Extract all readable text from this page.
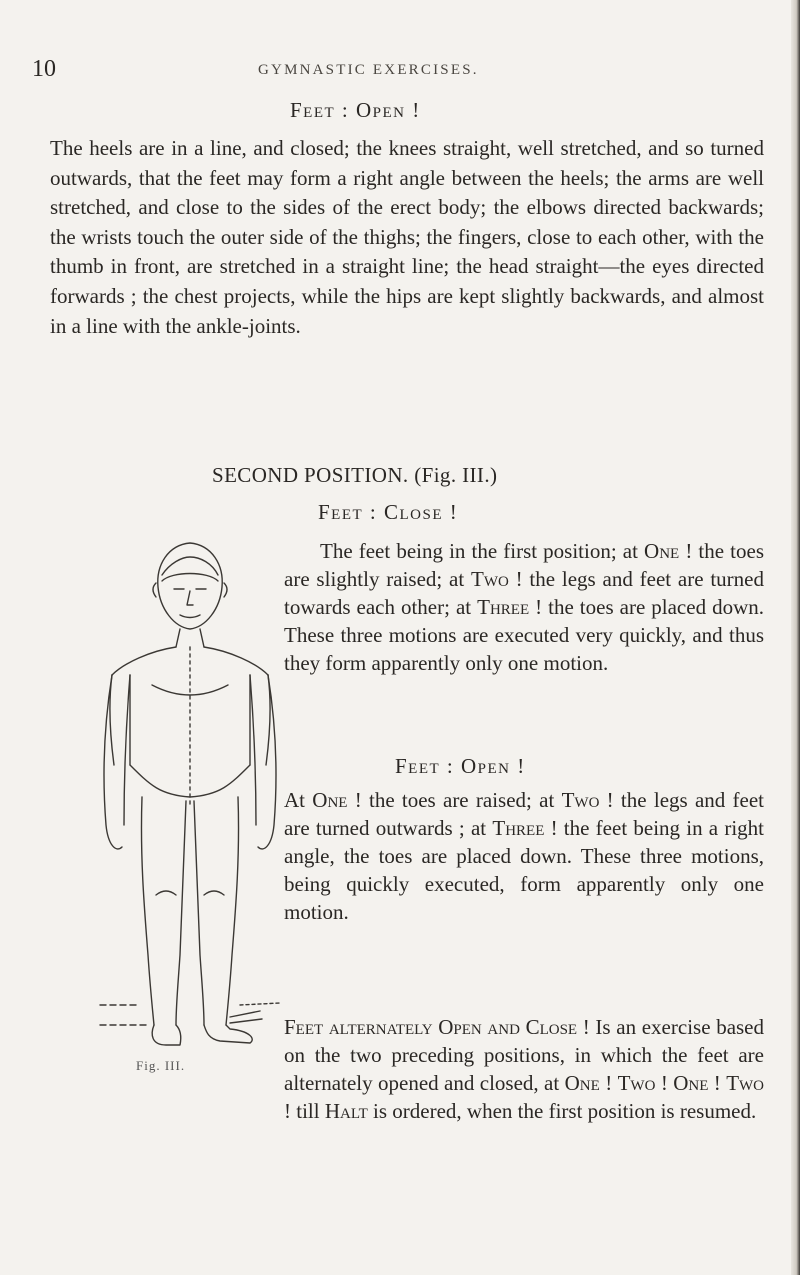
10	GYMNASTIC EXERCISES.
Feet : Open !

The heels are in a line, and closed; the knees straight, well stretched, and so turned outwards, that the feet may form a right angle between the heels; the arms are well stretched, and close to the sides of the erect body; the elbows directed backwards; the wrists touch the outer side of the thighs; the fingers, close to each other, with the thumb in front, are stretched in a straight line; the head straight—the eyes directed forwards ; the chest projects, while the hips are kept slightly backwards, and almost in a line with the ankle-joints.

SECOND POSITION. (Fig. III.)
Feet : Close !

The feet being in the first position; at One ! the toes are slightly raised; at Two ! the legs and feet are turned towards each other; at Three ! the toes are placed down. These three motions are executed very quickly, and thus they form apparently only one motion.

Feet : Open !

At One ! the toes are raised; at Two ! the legs and feet are turned outwards ; at Three ! the feet being in a right angle, the toes are placed down. These three motions, being quickly executed, form apparently only one motion.

Feet alternately Open and Close ! Is an exercise based on the two preceding positions, in which the feet are alternately opened and closed, at One ! Two ! One ! Two ! till Halt is ordered, when the first position is resumed.

Fig. III.
